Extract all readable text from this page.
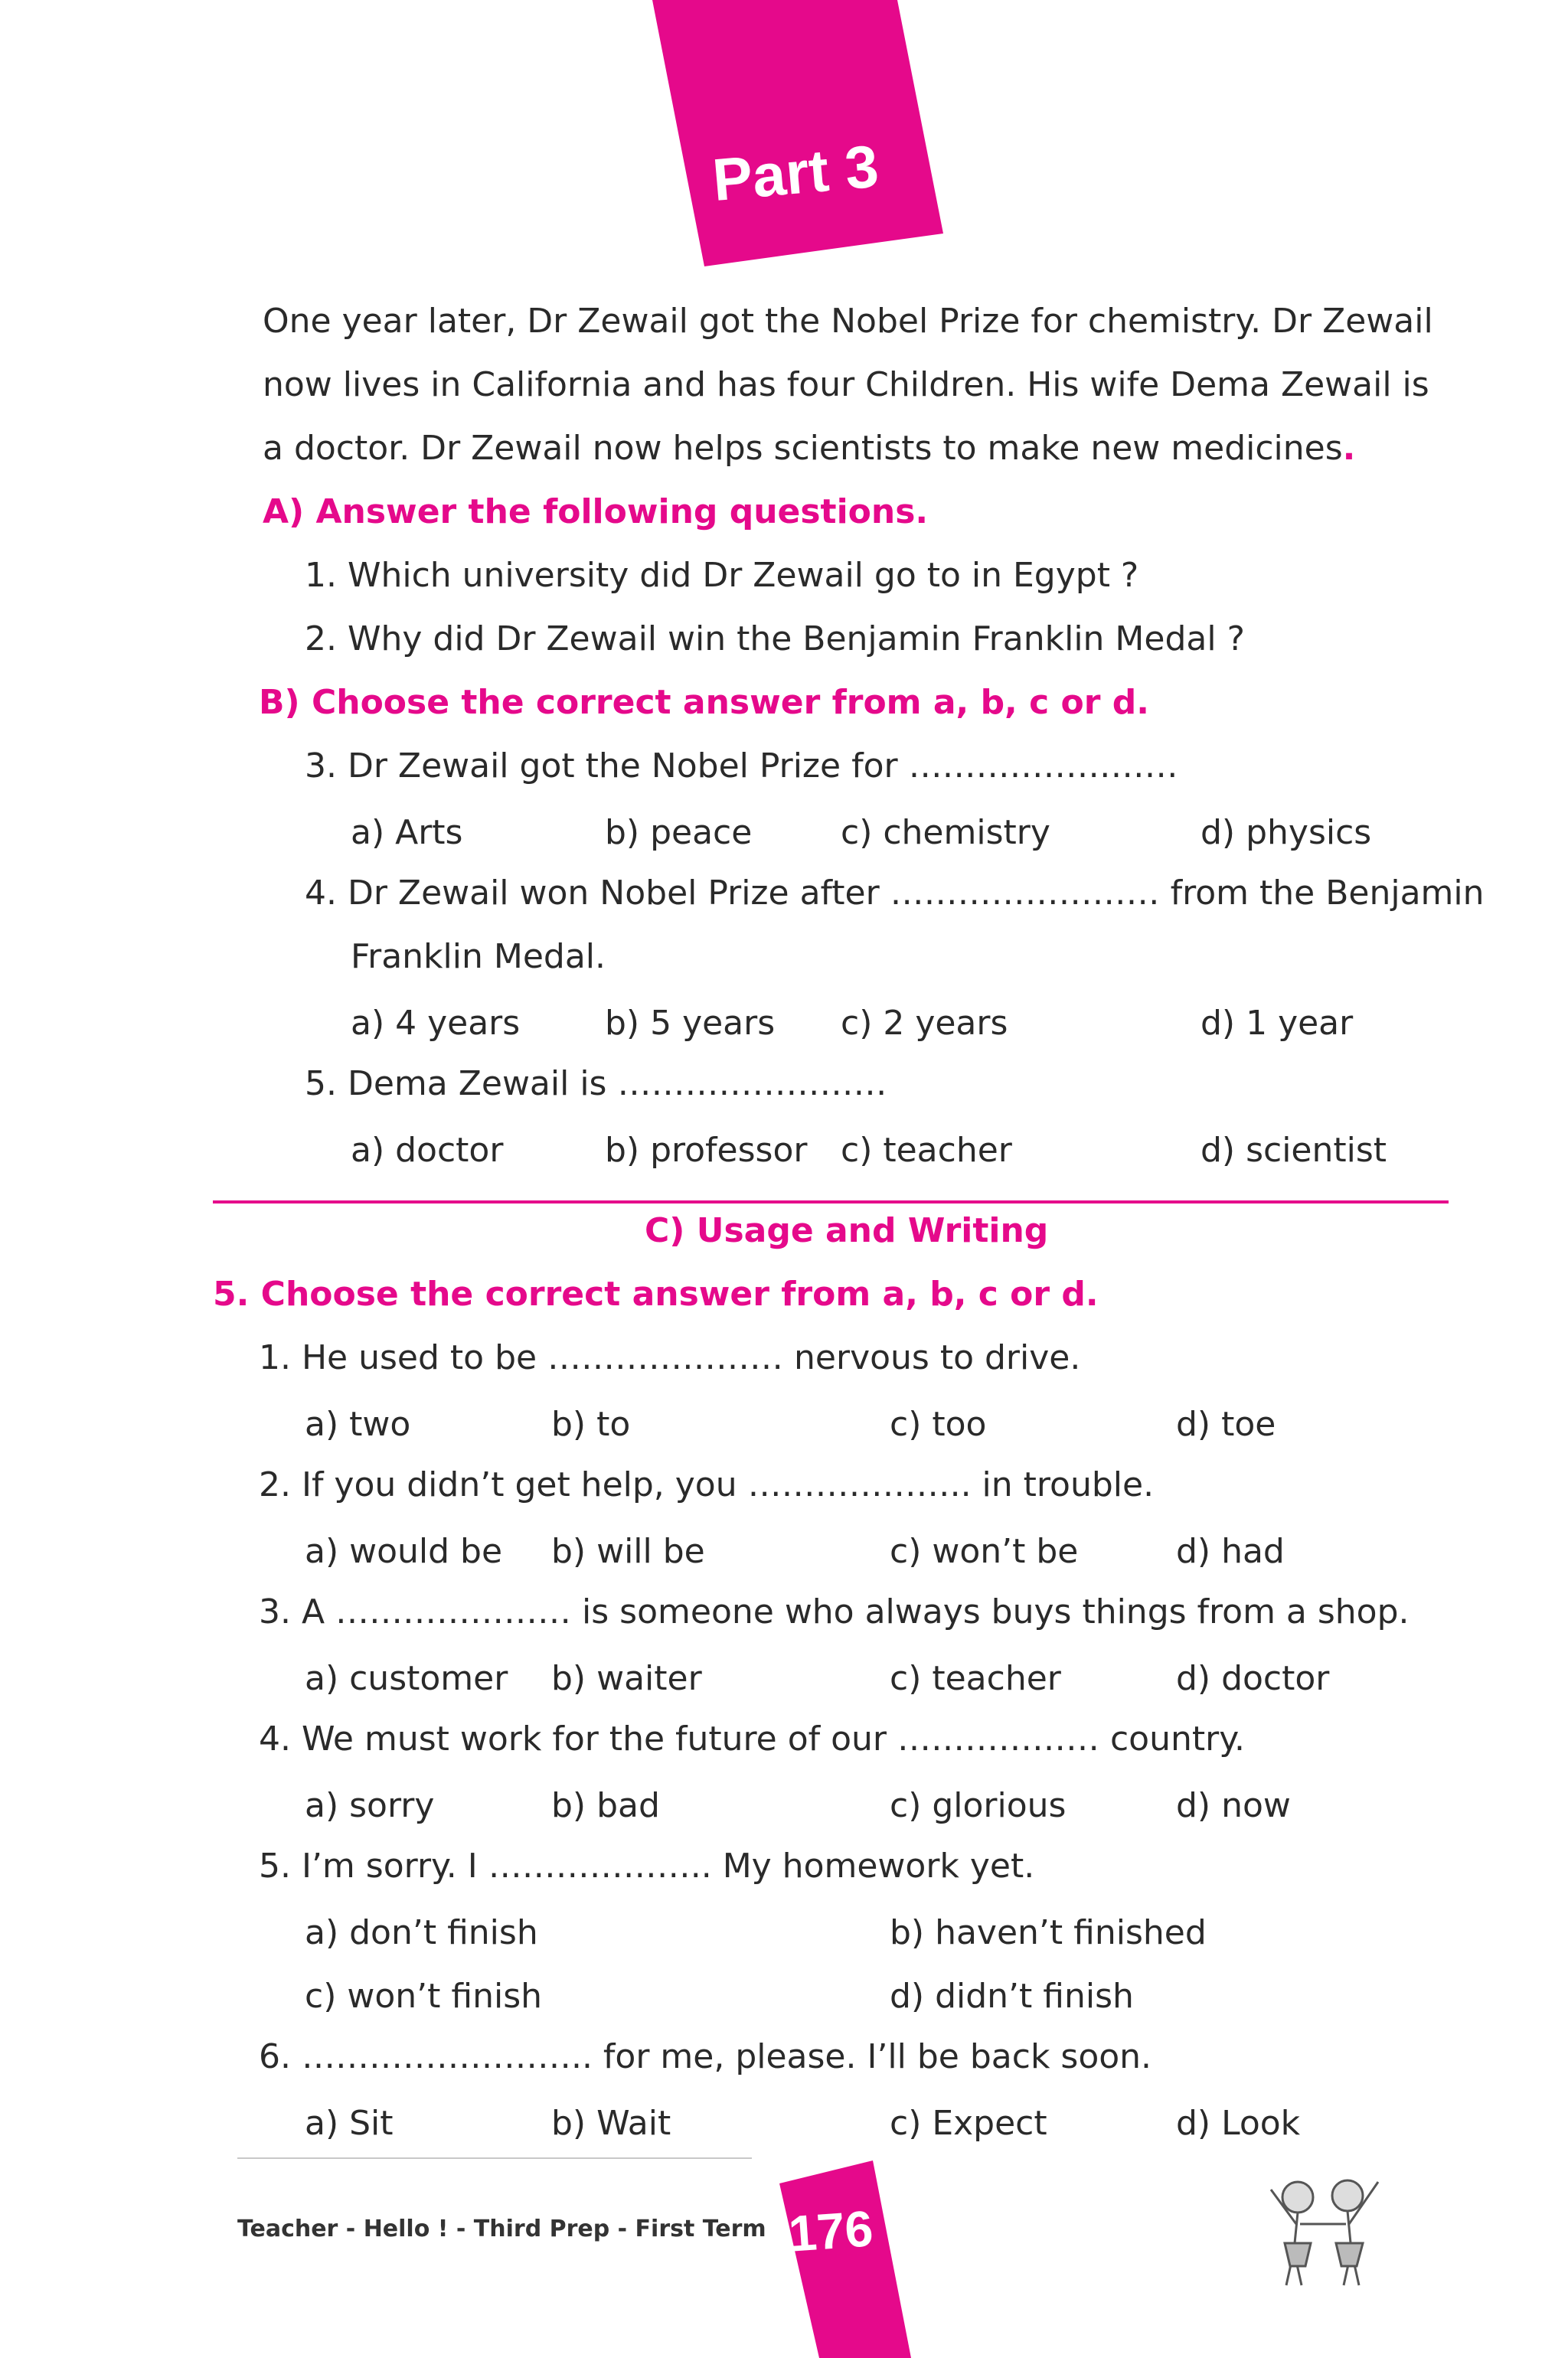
Part 3
One year later, Dr Zewail got the Nobel Prize for chemistry. Dr Zewail
now lives in California and has four Children. His wife Dema Zewail is
a doctor. Dr Zewail now helps scientists to make new medicines.
A) Answer the following questions.
1. Which university did Dr Zewail go to in Egypt ?
2. Why did Dr Zewail win the Benjamin Franklin Medal ?
B) Choose the correct answer from a, b, c or d.
3. Dr Zewail got the Nobel Prize for ……………………
a) Arts	b) peace	c) chemistry	d) physics
4. Dr Zewail won Nobel Prize after …………………… from the Benjamin
Franklin Medal.
a) 4 years	b) 5 years c) 2 years	d) 1 year
5. Dema Zewail is ……………………
a) doctor	b) professor c) teacher	d) scientist
C) Usage and Writing
5. Choose the correct answer from a, b, c or d.
1. He used to be ………………… nervous to drive.
a) two	b) to	c) too	d) toe
2. If you didn’t get help, you ……………….. in trouble.
a) would be b) will be	c) won’t be	d) had
3. A ………………… is someone who always buys things from a shop.
a) customer b) waiter	c) teacher	d) doctor
4. We must work for the future of our ……………… country.
a) sorry	b) bad	c) glorious	d) now
5. I’m sorry. I ……………….. My homework yet.
a) don’t finish	b) haven’t finished
c) won’t finish	d) didn’t finish
6. …………………….. for me, please. I’ll be back soon.
a) Sit	b) Wait	c) Expect	d) Look
Teacher - Hello ! - Third Prep - First Term 176
